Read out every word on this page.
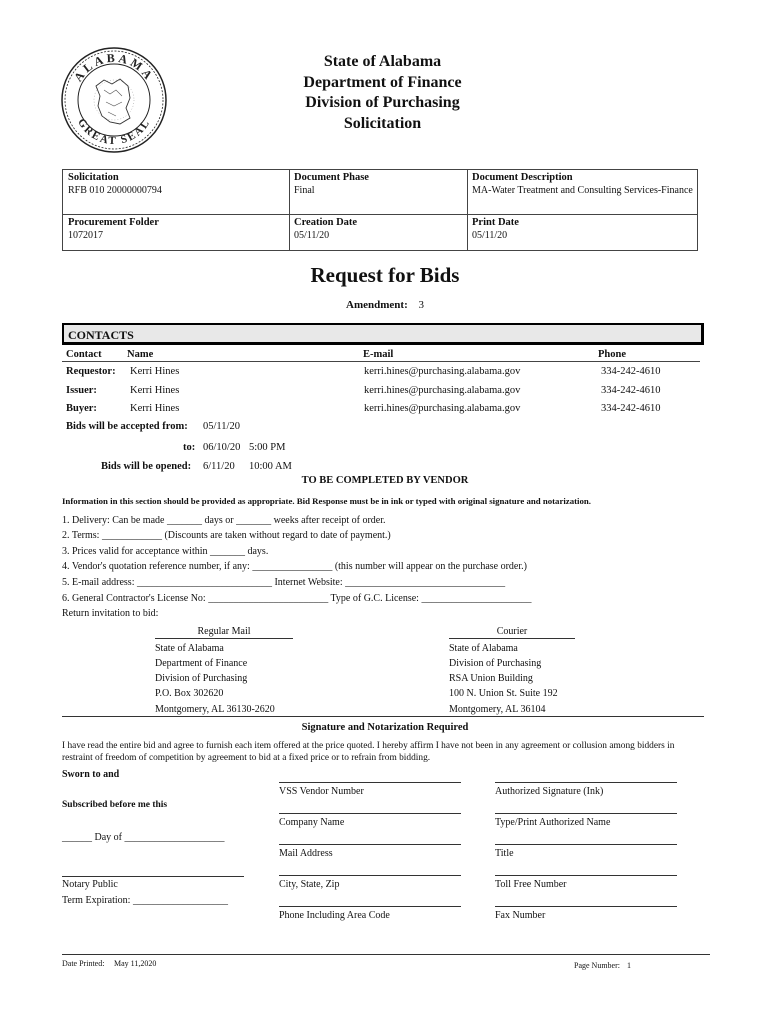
ALABAMA
GREAT SEAL
State of Alabama
Department of Finance
Division of Purchasing
Solicitation
Solicitation
RFB 010 20000000794
Document Phase
Final
Document Description
MA-Water Treatment and Consulting Services-Finance
Procurement Folder
1072017
Creation Date
05/11/20
Print Date
05/11/20
Request for Bids
Amendment: 3
CONTACTS
Contact Name	E-mail	Phone
Requestor: Kerri Hines	kerri.hines@purchasing.alabama.gov	334-242-4610
Issuer:	Kerri Hines	kerri.hines@purchasing.alabama.gov	334-242-4610
Buyer:	Kerri Hines	kerri.hines@purchasing.alabama.gov	334-242-4610
Bids will be accepted from: 05/11/20
to: 06/10/20 5:00 PM
Bids will be opened: 6/11/20 10:00 AM
TO BE COMPLETED BY VENDOR
Information in this section should be provided as appropriate. Bid Response must be in ink or typed with original signature and notarization.
1. Delivery: Can be made _______ days or _______ weeks after receipt of order.
2. Terms: ____________ (Discounts are taken without regard to date of payment.)
3. Prices valid for acceptance within _______ days.
4. Vendor's quotation reference number, if any: ________________ (this number will appear on the purchase order.)
5. E-mail address: ___________________________ Internet Website: ________________________________
6. General Contractor's License No: ________________________ Type of G.C. License: ______________________
Return invitation to bid:
Regular Mail
State of Alabama
Department of Finance
Division of Purchasing
P.O. Box 302620
Montgomery, AL 36130-2620
Courier
State of Alabama
Division of Purchasing
RSA Union Building
100 N. Union St. Suite 192
Montgomery, AL 36104
Signature and Notarization Required
I have read the entire bid and agree to furnish each item offered at the price quoted. I hereby affirm I have not been in any agreement or collusion among bidders in restraint of freedom of competition by agreement to bid at a fixed price or to refrain from bidding.
Sworn to and
Subscribed before me this
______ Day of ____________________
Notary Public
Term Expiration: ___________________
VSS Vendor Number
Company Name
Mail Address
City, State, Zip
Phone Including Area Code
Authorized Signature (Ink)
Type/Print Authorized Name
Title
Toll Free Number
Fax Number
Date Printed: May 11,2020	Page Number: 1
